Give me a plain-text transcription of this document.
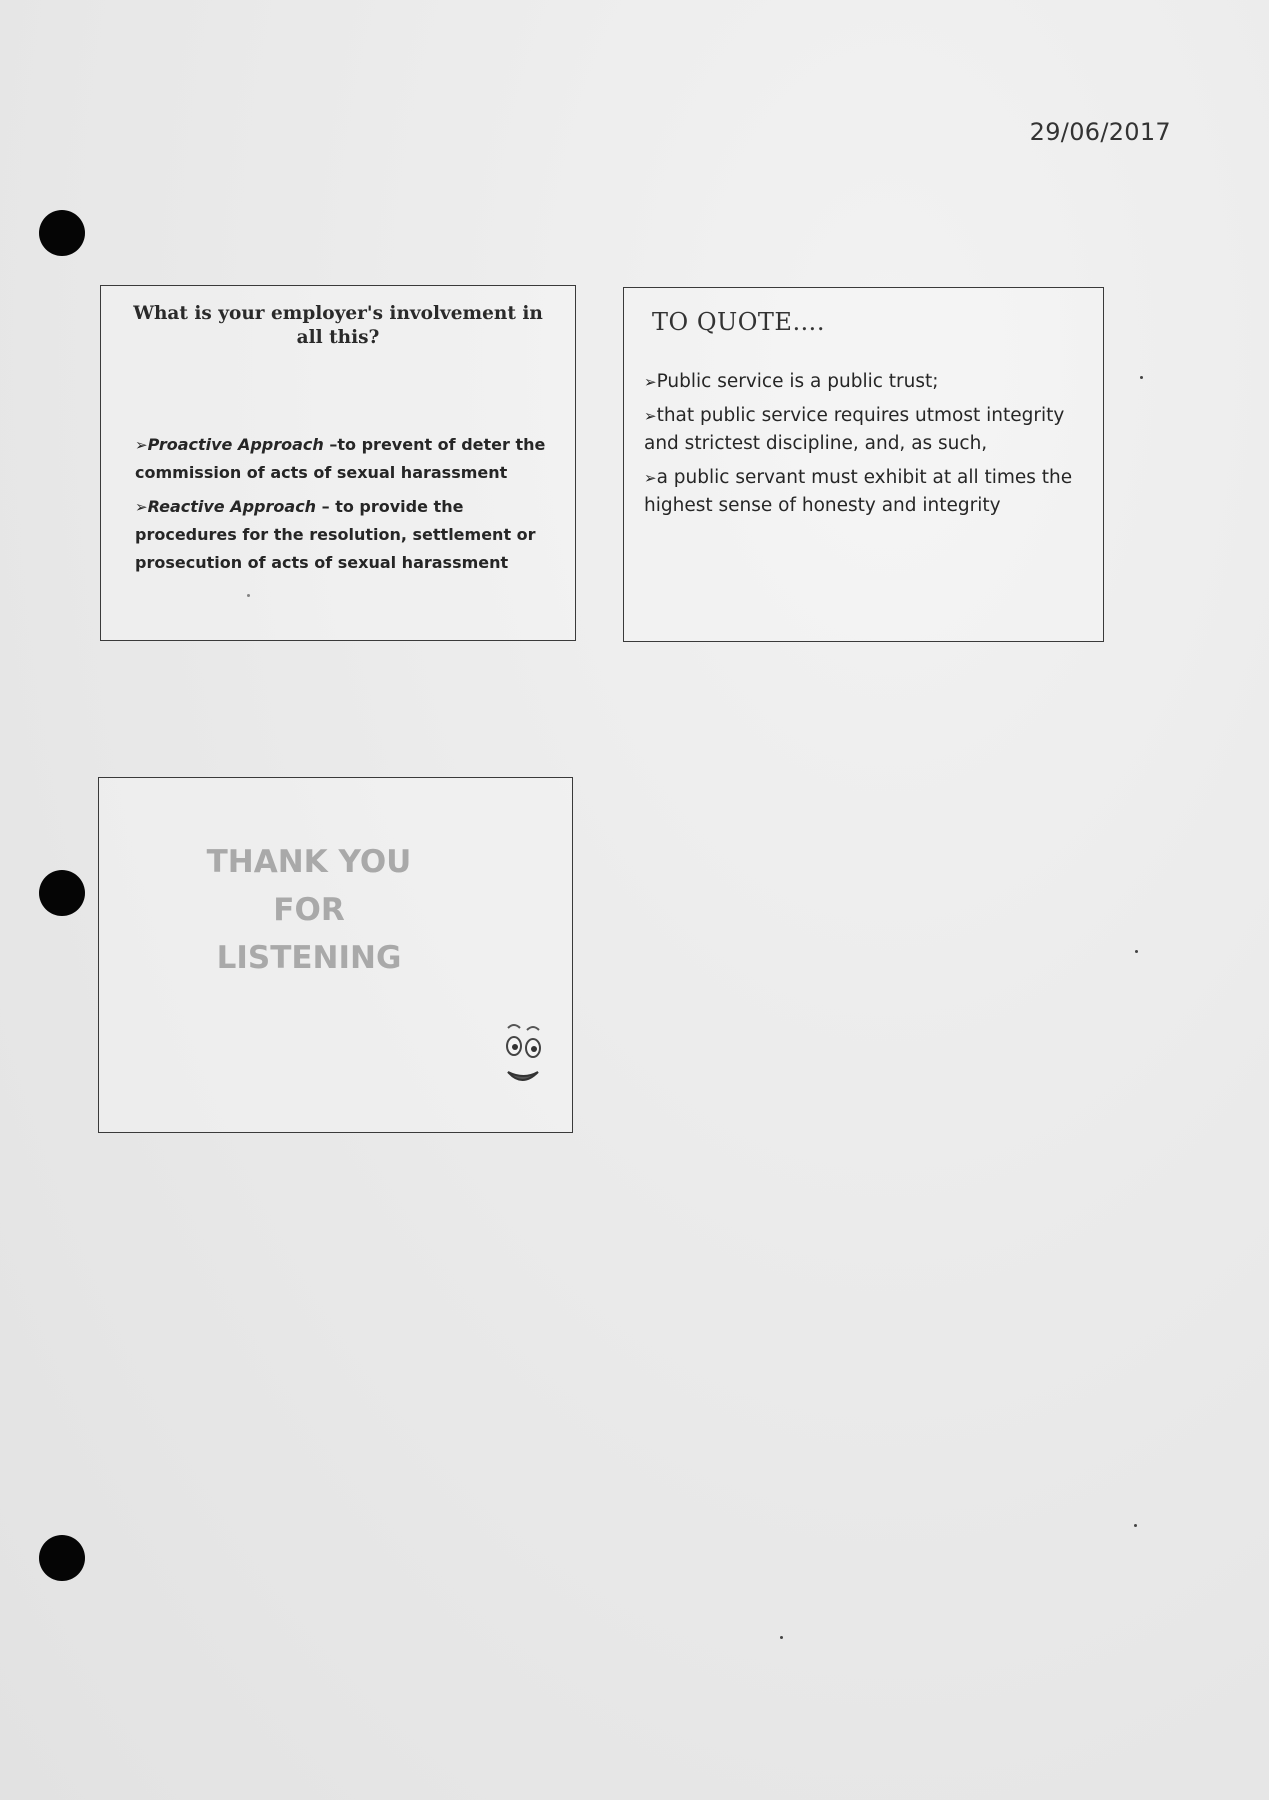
29/06/2017
What is your employer's involvement in all this?
➢Proactive Approach –to prevent of deter the commission of acts of sexual harassment
➢Reactive Approach – to provide the procedures for the resolution, settlement or prosecution of acts of sexual harassment
TO QUOTE….
➢Public service is a public trust;
➢that public service requires utmost integrity and strictest discipline, and, as such,
➢a public servant must exhibit at all times the highest sense of honesty and integrity
THANK YOU
FOR
LISTENING
